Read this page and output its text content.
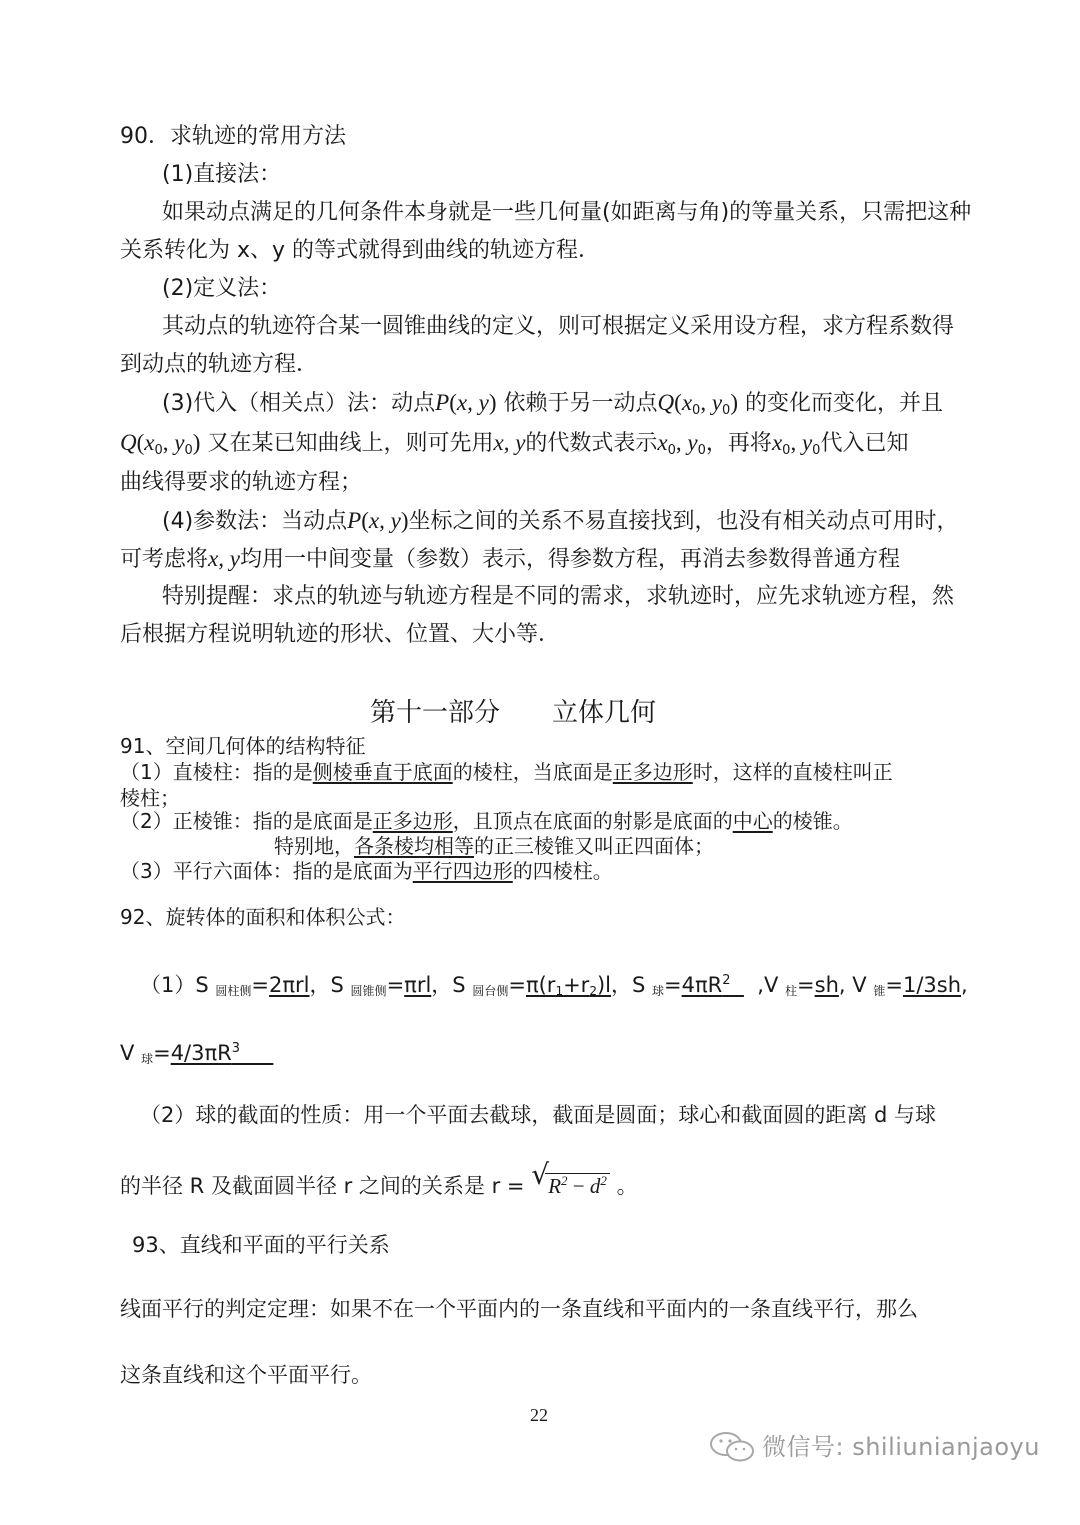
90．求轨迹的常用方法
(1)直接法：
如果动点满足的几何条件本身就是一些几何量(如距离与角)的等量关系，只需把这种
关系转化为 x、y 的等式就得到曲线的轨迹方程．
(2)定义法：
其动点的轨迹符合某一圆锥曲线的定义，则可根据定义采用设方程，求方程系数得
到动点的轨迹方程．
(3)代入（相关点）法：动点P(x, y) 依赖于另一动点$Q(x_0$, $y_0$) 的变化而变化，并且
$Q(x_0$, $y_0$) 又在某已知曲线上，则可先用x, y的代数式表示$x_0$, $y_0$，再将$x_0$, $y_0$代入已知
曲线得要求的轨迹方程；
(4)参数法：当动点P(x, y)坐标之间的关系不易直接找到，也没有相关动点可用时，
可考虑将x, y均用一中间变量（参数）表示，得参数方程，再消去参数得普通方程
特别提醒：求点的轨迹与轨迹方程是不同的需求，求轨迹时，应先求轨迹方程，然
后根据方程说明轨迹的形状、位置、大小等．
第十一部分 立体几何
91、空间几何体的结构特征
（1）直棱柱：指的是侧棱垂直于底面的棱柱，当底面是正多边形时，这样的直棱柱叫正
棱柱；
（2）正棱锥：指的是底面是正多边形，且顶点在底面的射影是底面的中心的棱锥。
特别地，各条棱均相等的正三棱锥又叫正四面体；
（3）平行六面体：指的是底面为平行四边形的四棱柱。
92、旋转体的面积和体积公式：
（1）S 圆柱侧=2πrl，S 圆锥侧=πrl，S 圆台侧=π(r1+r2)l，S 球$=4\pi R^2$ ,V 柱=sh, V 锥=1/3sh,
V 球$=4/3\pi R^3$
（2）球的截面的性质：用一个平面去截球，截面是圆面；球心和截面圆的距离 d 与球
的半径 R 及截面圆半径 r 之间的关系是 r = √ $R^2 - d^2$ 。
93、直线和平面的平行关系
线面平行的判定定理：如果不在一个平面内的一条直线和平面内的一条直线平行，那么
这条直线和这个平面平行。
22
微信号: shiliunianjaoyu
